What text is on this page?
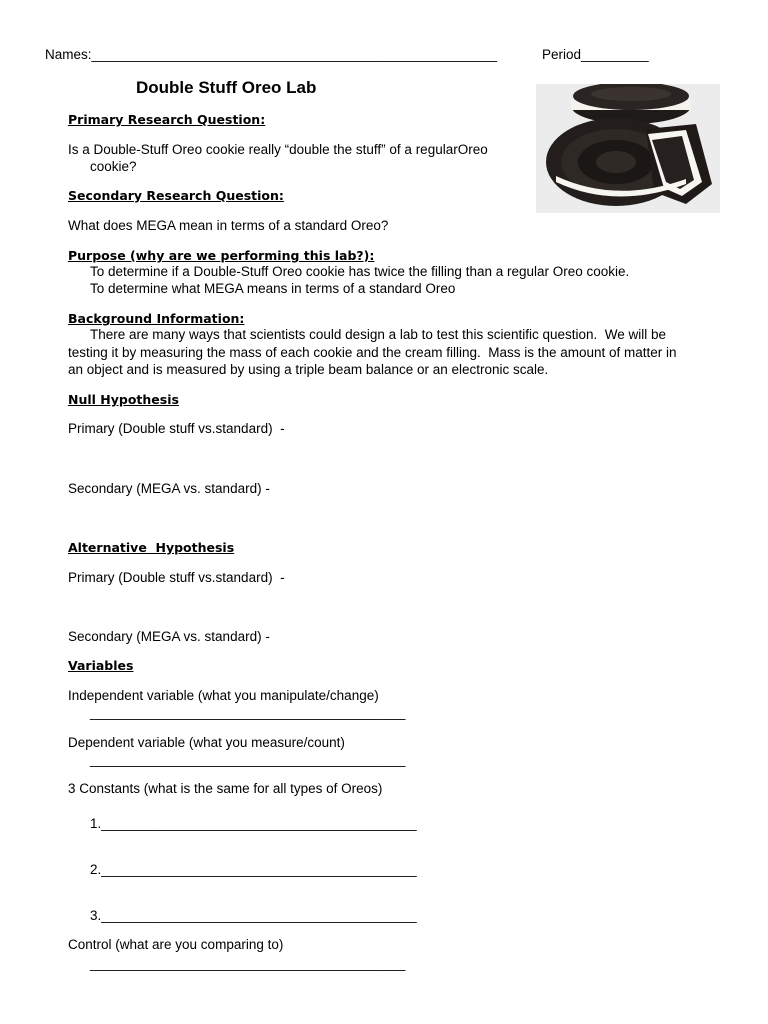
Names:______________________________________________________	Period_________
Double Stuff Oreo Lab
Primary Research Question:
Is a Double-Stuff Oreo cookie really “double the stuff” of a regularOreo
cookie?
Secondary Research Question:
What does MEGA mean in terms of a standard Oreo?
Purpose (why are we performing this lab?):
To determine if a Double-Stuff Oreo cookie has twice the filling than a regular Oreo cookie.
To determine what MEGA means in terms of a standard Oreo
Background Information:
There are many ways that scientists could design a lab to test this scientific question.  We will be
testing it by measuring the mass of each cookie and the cream filling.  Mass is the amount of matter in
an object and is measured by using a triple beam balance or an electronic scale.
Null Hypothesis
Primary (Double stuff vs.standard)  -
Secondary (MEGA vs. standard) -
Alternative  Hypothesis
Primary (Double stuff vs.standard)  -
Secondary (MEGA vs. standard) -
Variables
Independent variable (what you manipulate/change)
__________________________________________
Dependent variable (what you measure/count)
__________________________________________
3 Constants (what is the same for all types of Oreos)
1.__________________________________________
2.__________________________________________
3.__________________________________________
Control (what are you comparing to)
__________________________________________
